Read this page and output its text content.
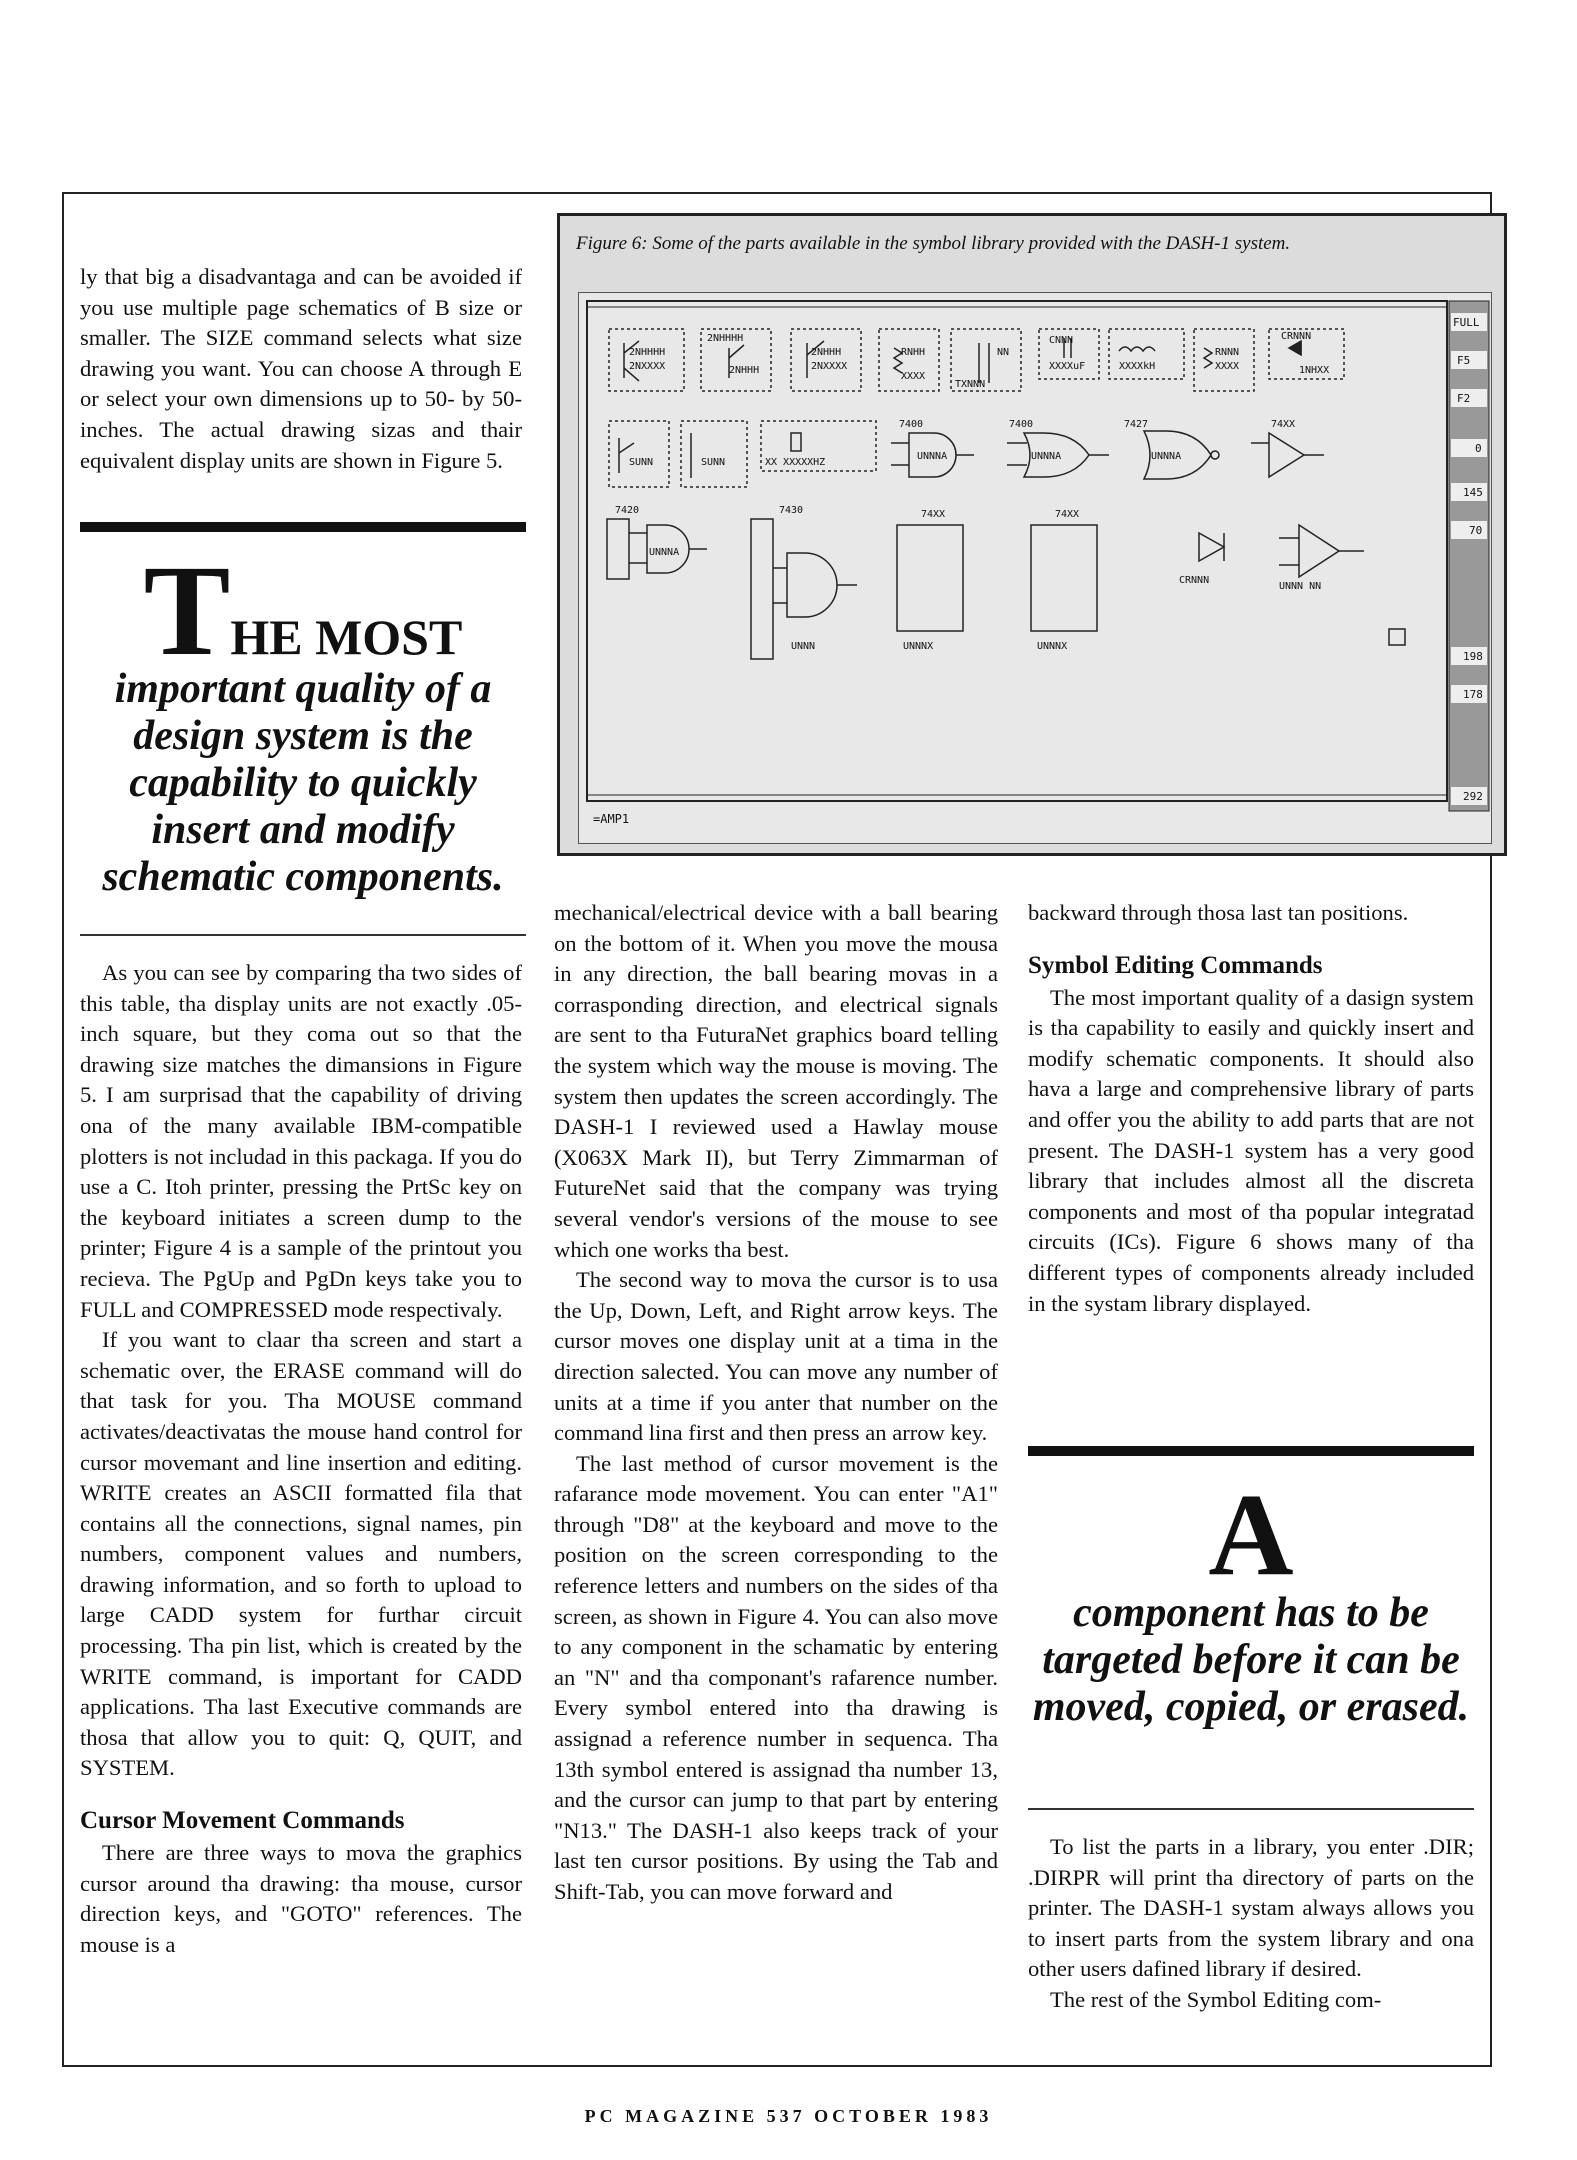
Figure 6: Some of the parts available in the symbol library provided with the DASH-1 system.
FULL
F5
F2
0
145
70
198
178
292
=AMP1
2NHHHH
2NXXXX
2NHHHH
2NHHH
2NHHH
2NXXXX
RNHH
XXXX
NN
TXNNN
CNNN
XXXXuF	XXXXkH
RNNN
XXXX
CRNNN
1NHXX
SUNN	SUNN	XX XXXXXHZ
7400	7400	7427	74XX
UNNNA	UNNNA	UNNNA
7420	7430	74XX	74XX
UNNNA
UNNN	UNNNX	UNNNX
CRNNN
UNNN NN

ly that big a disadvantaga and can be avoided if you use multiple page schematics of B size or smaller. The SIZE command selects what size drawing you want. You can choose A through E or select your own dimensions up to 50- by 50-inches. The actual drawing sizas and thair equivalent display units are shown in Figure 5.

THE MOST
important quality of a design system is the capability to quickly insert and modify schematic components.

As you can see by comparing tha two sides of this table, tha display units are not exactly .05-inch square, but they coma out so that the drawing size matches the dimansions in Figure 5. I am surprisad that the capability of driving ona of the many available IBM-compatible plotters is not includad in this packaga. If you do use a C. Itoh printer, pressing the PrtSc key on the keyboard initiates a screen dump to the printer; Figure 4 is a sample of the printout you recieva. The PgUp and PgDn keys take you to FULL and COMPRESSED mode respectivaly.

If you want to claar tha screen and start a schematic over, the ERASE command will do that task for you. Tha MOUSE command activates/deactivatas the mouse hand control for cursor movemant and line insertion and editing. WRITE creates an ASCII formatted fila that contains all the connections, signal names, pin numbers, component values and numbers, drawing information, and so forth to upload to large CADD system for furthar circuit processing. Tha pin list, which is created by the WRITE command, is important for CADD applications. Tha last Executive commands are thosa that allow you to quit: Q, QUIT, and SYSTEM.

Cursor Movement Commands

There are three ways to mova the graphics cursor around tha drawing: tha mouse, cursor direction keys, and "GOTO" references. The mouse is a

mechanical/electrical device with a ball bearing on the bottom of it. When you move the mousa in any direction, the ball bearing movas in a corrasponding direction, and electrical signals are sent to tha FuturaNet graphics board telling the system which way the mouse is moving. The system then updates the screen accordingly. The DASH-1 I reviewed used a Hawlay mouse (X063X Mark II), but Terry Zimmarman of FutureNet said that the company was trying several vendor's versions of the mouse to see which one works tha best.

The second way to mova the cursor is to usa the Up, Down, Left, and Right arrow keys. The cursor moves one display unit at a tima in the direction salected. You can move any number of units at a time if you anter that number on the command lina first and then press an arrow key.

The last method of cursor movement is the rafarance mode movement. You can enter "A1" through "D8" at the keyboard and move to the position on the screen corresponding to the reference letters and numbers on the sides of tha screen, as shown in Figure 4. You can also move to any component in the schamatic by entering an "N" and tha componant's rafarence number. Every symbol entered into tha drawing is assignad a reference number in sequenca. Tha 13th symbol entered is assignad tha number 13, and the cursor can jump to that part by entering "N13." The DASH-1 also keeps track of your last ten cursor positions. By using the Tab and Shift-Tab, you can move forward and

backward through thosa last tan positions.

Symbol Editing Commands

The most important quality of a dasign system is tha capability to easily and quickly insert and modify schematic components. It should also hava a large and comprehensive library of parts and offer you the ability to add parts that are not present. The DASH-1 system has a very good library that includes almost all the discreta components and most of tha popular integratad circuits (ICs). Figure 6 shows many of tha different types of components already included in the systam library displayed.

A
component has to be targeted before it can be moved, copied, or erased.

To list the parts in a library, you enter .DIR; .DIRPR will print tha directory of parts on the printer. The DASH-1 systam always allows you to insert parts from the system library and ona other users dafined library if desired.

The rest of the Symbol Editing com-

PC MAGAZINE 537 OCTOBER 1983
